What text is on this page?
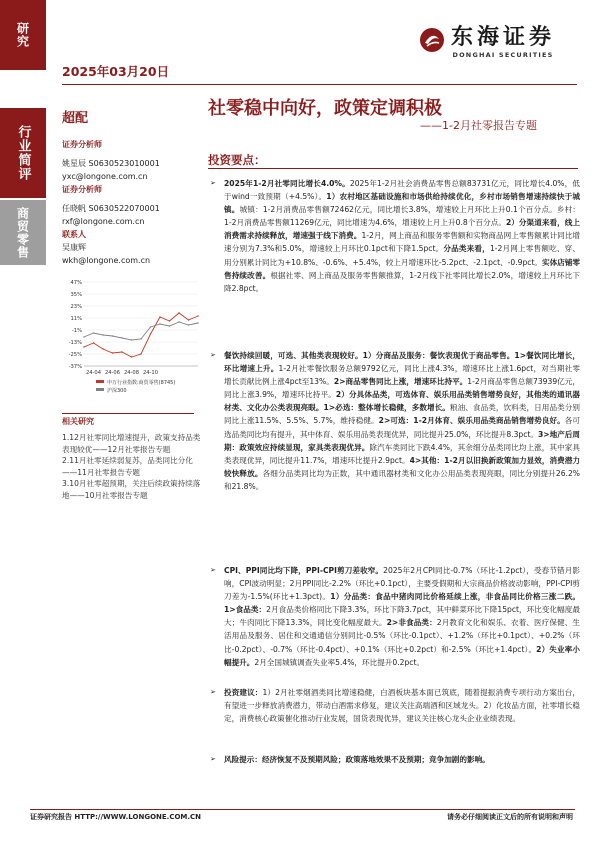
研究
行业简评
商贸零售
东海证券
DONGHAI SECURITIES
2025年03月20日
超配	社零稳中向好，政策定调积极
——1-2月社零报告专题
证券分析师
姚星辰 S0630523010001
yxc@longone.com.cn
证券分析师
任晓帆 S0630522070001
rxf@longone.com.cn
联系人
吴康辉
wkh@longone.com.cn
47%
35%
23%
11%
-1%
-13%
-25%
-37%
24-04 24-06 24-08 24-10
申万行业指数:商贸零售(8745)
沪深300
相关研究
1.12月社零同比增速提升，政策支持品类表现较优——12月社零报告专题
2.11月社零延续弱复苏，品类同比分化——11月社零报告专题
3.10月社零超预期，关注后续政策持续落地——10月社零报告专题
投资要点：
➢ 2025年1-2月社零同比增长4.0%。2025年1-2月社会消费品零售总额83731亿元，同比增长4.0%，低于wind一致预期（+4.5%）。1）农村地区基础设施和市场供给持续优化，乡村市场销售增速持续快于城镇。城镇：1-2月消费品零售额72462亿元，同比增长3.8%，增速较上月环比上升0.1个百分点。乡村：1-2月消费品零售额11269亿元，同比增速为4.6%，增速较上月上升0.8个百分点。2）分渠道来看，线上消费需求持续释放，增速强于线下消费。1-2月，网上商品和服务零售额和实物商品网上零售额累计同比增速分别为7.3%和5.0%，增速较上月环比0.1pct和下降1.5pct。分品类来看，1-2月网上零售额吃、穿、用分别累计同比为+10.8%、-0.6%、+5.4%，较上月增速环比-5.2pct、-2.1pct、-0.9pct。实体店铺零售持续改善。根据社零、网上商品及服务零售额推算，1-2月线下社零同比增长2.0%，增速较上月环比下降2.8pct。
➢ 餐饮持续回暖，可选、其他类表现较好。1）分商品及服务：餐饮表现优于商品零售。1>餐饮同比增长，环比增速上升。1-2月社零餐饮服务总额9792亿元，同比上涨4.3%，增速环比上涨1.6pct，对当期社零增长贡献比例上涨4pct至13%。2>商品零售同比上涨，增速环比持平。1-2月商品零售总额73939亿元，同比上涨3.9%，增速环比持平。2）分具体品类，可选体育、娱乐用品类销售增势良好，其他类的通讯器材类、文化办公类表现亮眼。1>必选：整体增长稳健，多数增长。粮油、食品类，饮料类，日用品类分别同比上涨11.5%、5.5%、5.7%，维持稳健。2>可选：1-2月体育、娱乐用品类商品销售增势良好。各可选品类同比均有提升，其中体育、娱乐用品类表现优异，同比提升25.0%，环比提升8.3pct。3>地产后周期：政策效应持续显现，家具类表现优异。除汽车类同比下跌4.4%，其余细分品类同比均上涨，其中家具类表现优异，同比提升11.7%，增速环比提升2.9pct。4>其他：1-2月以旧换新政策加力显效，消费潜力较快释放。各细分品类同比均为正数，其中通讯器材类和文化办公用品类表现亮眼，同比分别提升26.2%和21.8%。
➢ CPI、PPI同比均下降，PPI-CPI剪刀差收窄。2025年2月CPI同比-0.7%（环比-1.2pct），受春节错月影响，CPI波动明显；2月PPI同比-2.2%（环比+0.1pct），主要受假期和大宗商品价格波动影响，PPI-CPI剪刀差为-1.5%(环比+1.3pct)。1）分品类：食品中猪肉同比价格延续上涨，非食品同比价格三涨二跌。1>食品类：2月食品类价格同比下降3.3%，环比下降3.7pct，其中鲜菜环比下降15pct，环比变化幅度最大；牛肉同比下降13.3%，同比变化幅度最大。2>非食品类：2月教育文化和娱乐、衣着、医疗保健、生活用品及服务、居住和交通通信分别同比-0.5%（环比-0.1pct）、+1.2%（环比+0.1pct）、+0.2%（环比-0.2pct）、-0.7%（环比-0.4pct）、+0.1%（环比+0.2pct）和-2.5%（环比+1.4pct）。2）失业率小幅提升。2月全国城镇调查失业率5.4%，环比提升0.2pct。
➢ 投资建议：1）2月社零烟酒类同比增速稳健，白酒板块基本面已筑底，随着提振消费专项行动方案出台，有望进一步释放消费潜力，带动白酒需求修复，建议关注高端酒和区域龙头。2）化妆品方面，社零增长稳定，消费核心政策催化推动行业发展，国货表现优异，建议关注核心龙头企业业绩表现。
➢ 风险提示：经济恢复不及预期风险；政策落地效果不及预期；竞争加剧的影响。
证券研究报告 HTTP://WWW.LONGONE.COM.CN	请务必仔细阅读正文后的所有说明和声明
